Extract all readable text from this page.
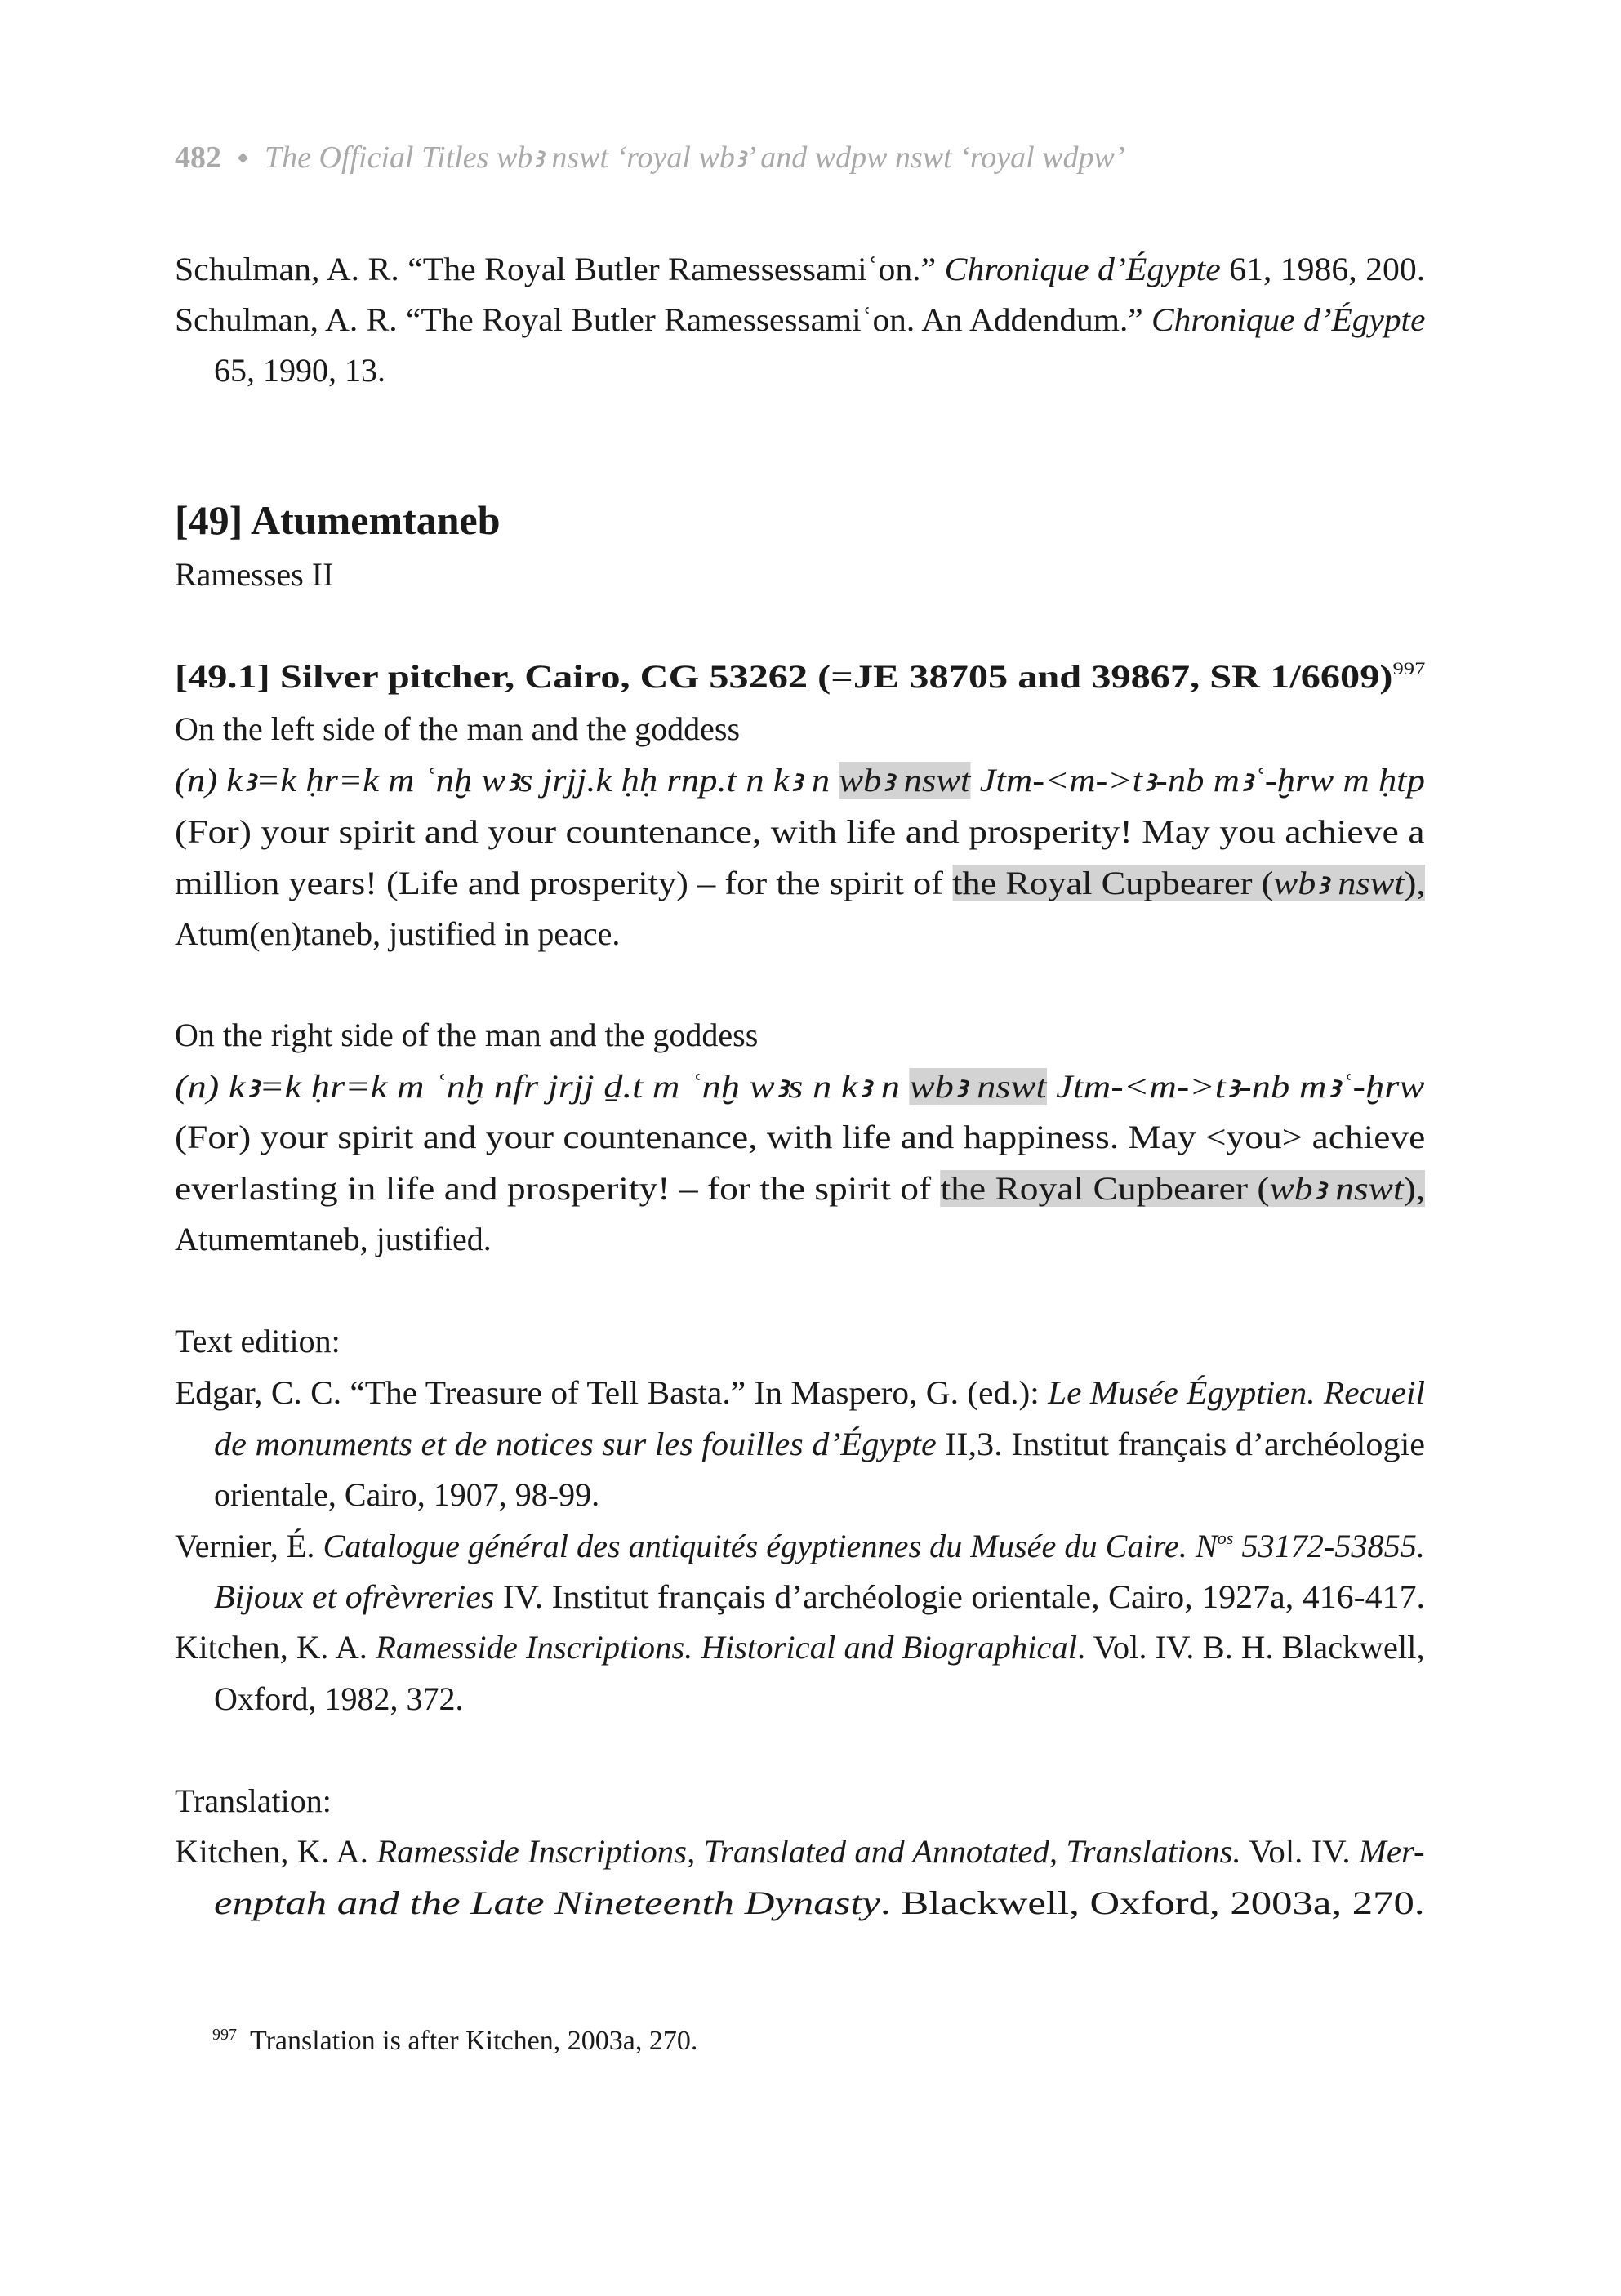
482 The Official Titles wbꜣ nswt ‘royal wbꜣ’ and wdpw nswt ‘royal wdpw’
Schulman, A. R. “The Royal Butler Ramessessamiʿon.” Chronique d’Égypte 61, 1986, 200.
Schulman, A. R. “The Royal Butler Ramessessamiʿon. An Addendum.” Chronique d’Égypte
65, 1990, 13.
[49] Atumemtaneb
Ramesses II
[49.1] Silver pitcher, Cairo, CG 53262 (=JE 38705 and 39867, SR 1/6609)$^{997}$
On the left side of the man and the goddess
(n) kꜣ=k ḥr=k m ʿnḫ wꜣs jrjj.k ḥḥ rnp.t n kꜣ n wbꜣ nswt Jtm-<m->tꜣ-nb mꜣʿ-ḫrw m ḥtp
(For) your spirit and your countenance, with life and prosperity! May you achieve a
million years! (Life and prosperity) – for the spirit of the Royal Cupbearer (wbꜣ nswt),
Atum(en)taneb, justified in peace.
On the right side of the man and the goddess
(n) kꜣ=k ḥr=k m ʿnḫ nfr jrjj ḏ.t m ʿnḫ wꜣs n kꜣ n wbꜣ nswt Jtm-<m->tꜣ-nb mꜣʿ-ḫrw
(For) your spirit and your countenance, with life and happiness. May <you> achieve
everlasting in life and prosperity! – for the spirit of the Royal Cupbearer (wbꜣ nswt),
Atumemtaneb, justified.
Text edition:
Edgar, C. C. “The Treasure of Tell Basta.” In Maspero, G. (ed.): Le Musée Égyptien. Recueil
de monuments et de notices sur les fouilles d’Égypte II,3. Institut français d’archéologie
orientale, Cairo, 1907, 98-99.
Vernier, É. Catalogue général des antiquités égyptiennes du Musée du Caire. $N^{os}$ 53172-53855.
Bijoux et ofrèvreries IV. Institut français d’archéologie orientale, Cairo, 1927a, 416-417.
Kitchen, K. A. Ramesside Inscriptions. Historical and Biographical. Vol. IV. B. H. Blackwell,
Oxford, 1982, 372.
Translation:
Kitchen, K. A. Ramesside Inscriptions, Translated and Annotated, Translations. Vol. IV. Mer-
enptah and the Late Nineteenth Dynasty. Blackwell, Oxford, 2003a, 270.
$^{997}$ Translation is after Kitchen, 2003a, 270.
